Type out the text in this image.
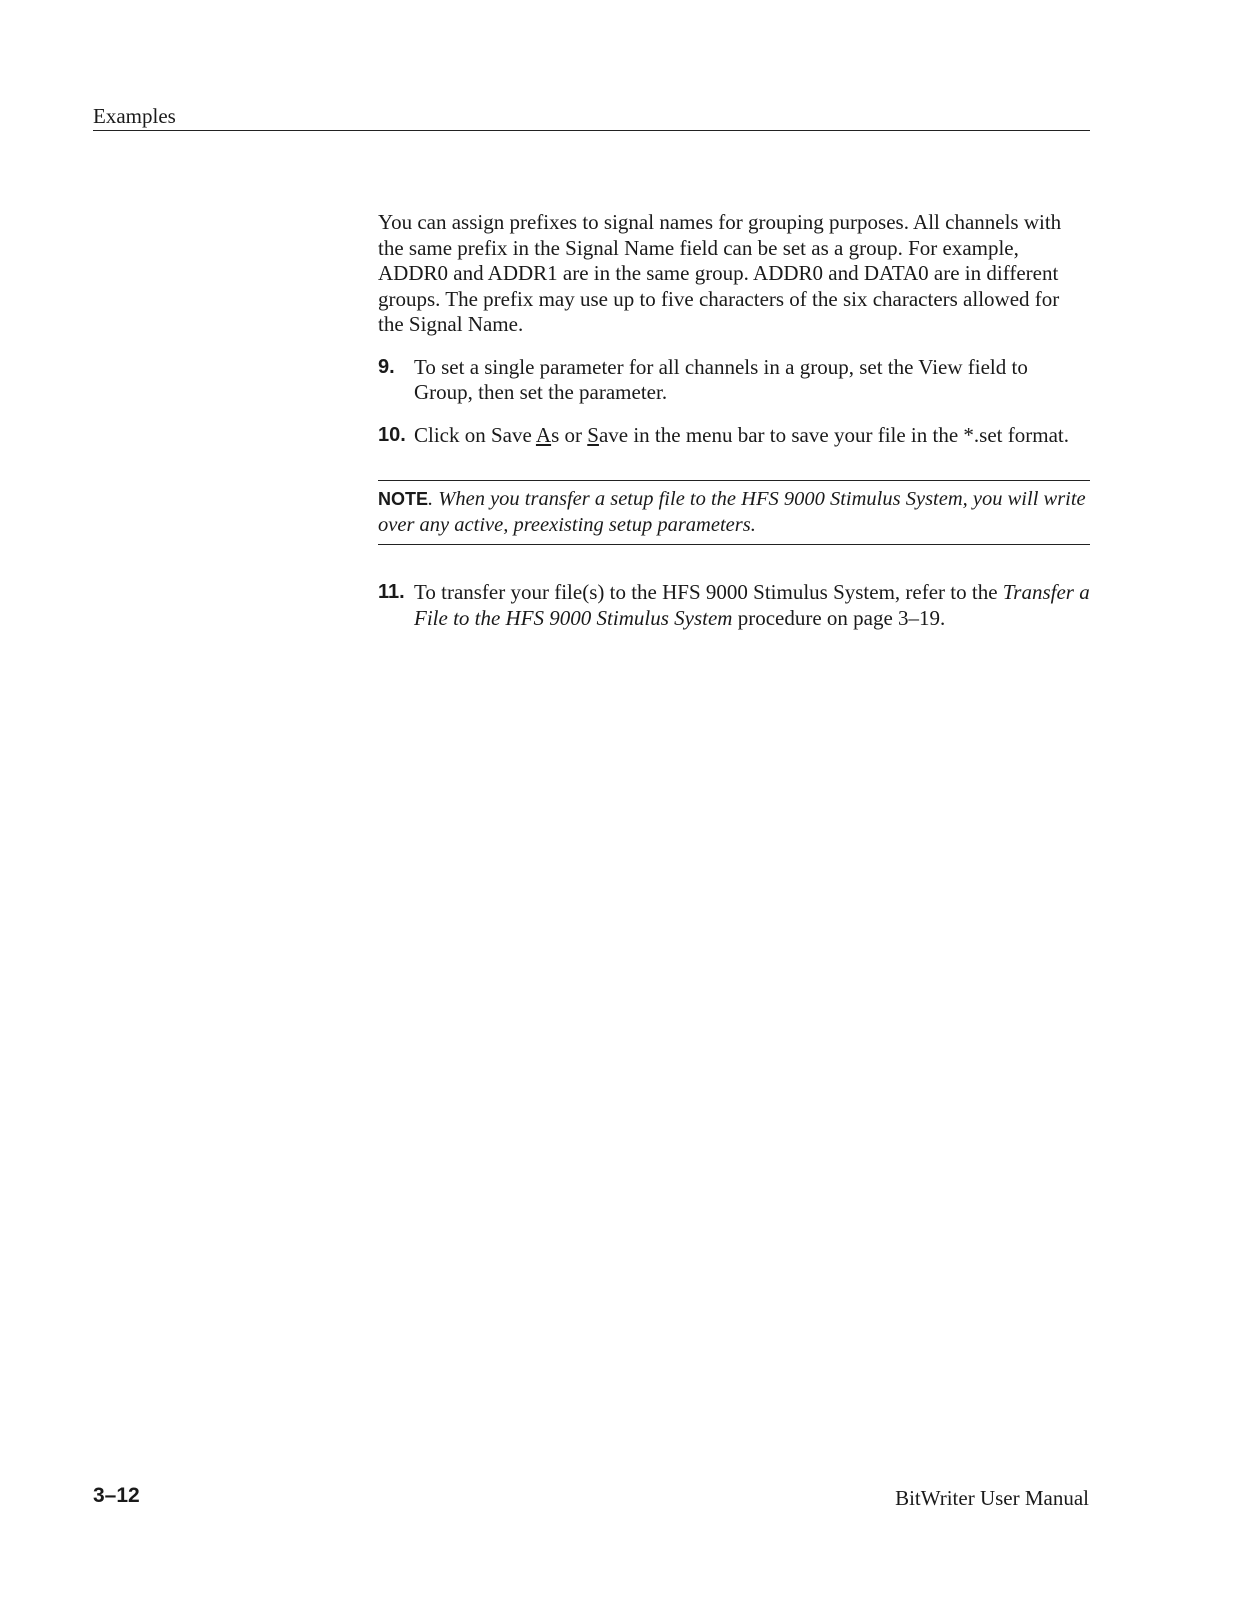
Examples

You can assign prefixes to signal names for grouping purposes. All channels with the same prefix in the Signal Name field can be set as a group. For example, ADDR0 and ADDR1 are in the same group. ADDR0 and DATA0 are in different groups. The prefix may use up to five characters of the six characters allowed for the Signal Name.

9. To set a single parameter for all channels in a group, set the View field to Group, then set the parameter.
10. Click on Save As or Save in the menu bar to save your file in the *.set format.
NOTE. When you transfer a setup file to the HFS 9000 Stimulus System, you will write over any active, preexisting setup parameters.
11. To transfer your file(s) to the HFS 9000 Stimulus System, refer to the Transfer a File to the HFS 9000 Stimulus System procedure on page 3–19.
3–12	BitWriter User Manual
